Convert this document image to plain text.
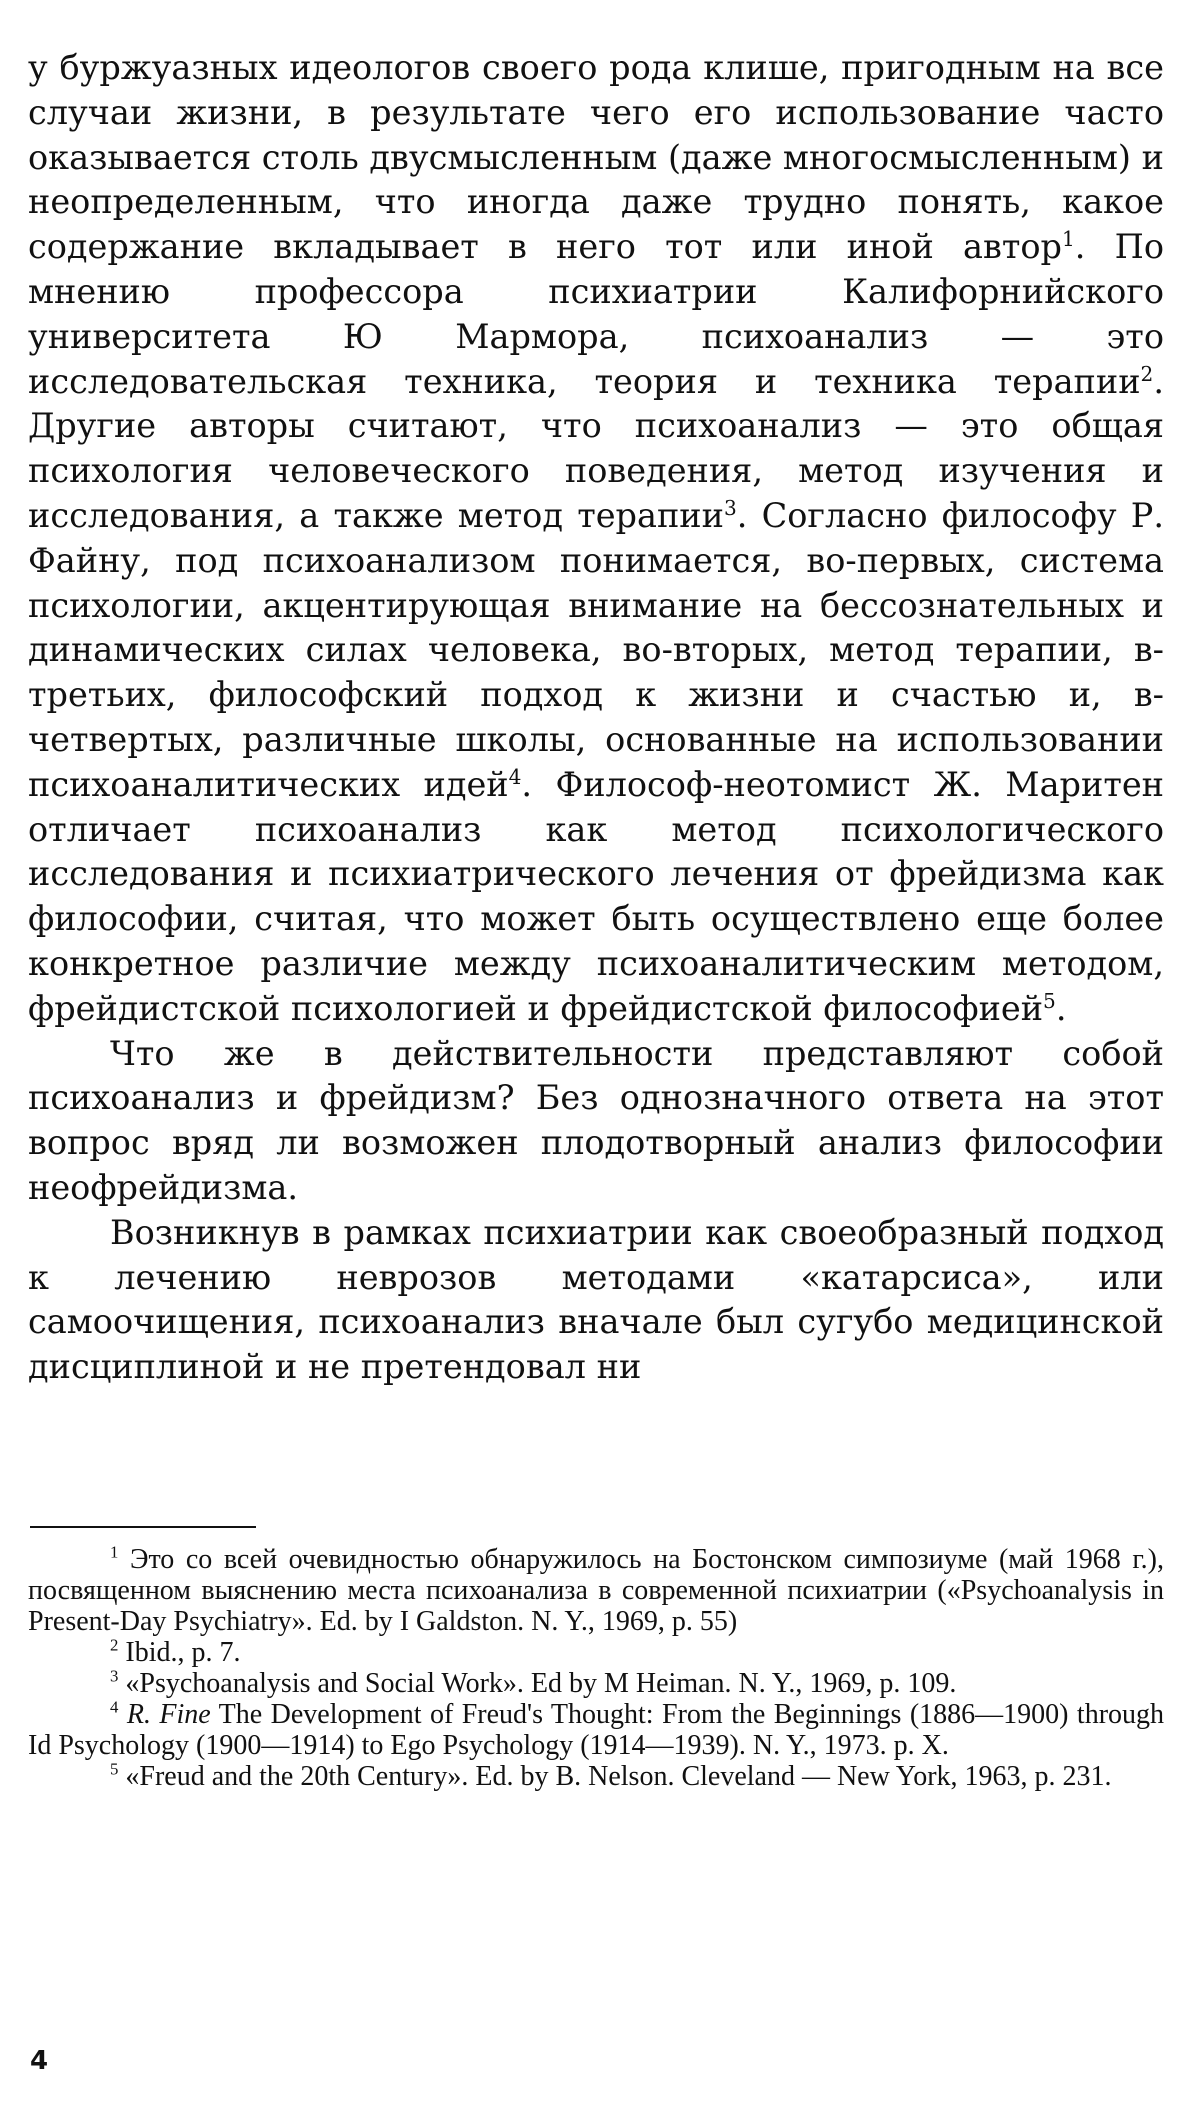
у буржуазных идеологов своего рода клише, пригодным на все случаи жизни, в результате чего его использование часто оказывается столь двусмысленным (даже многосмысленным) и неопределенным, что иногда даже трудно понять, какое содержание вкладывает в него тот или иной автор$^1$. По мнению профессора психиатрии Калифорнийского университета Ю Мармора, психоанализ — это исследовательская техника, теория и техника терапии$^2$. Другие авторы считают, что психоанализ — это общая психология человеческого поведения, метод изучения и исследования, а также метод терапии$^3$. Согласно философу Р. Файну, под психоанализом понимается, во-первых, система психологии, акцентирующая внимание на бессознательных и динамических силах человека, во-вторых, метод терапии, в-третьих, философский подход к жизни и счастью и, в-четвертых, различные школы, основанные на использовании психоаналитических идей$^4$. Философ-неотомист Ж. Маритен отличает психоанализ как метод психологического исследования и психиатрического лечения от фрейдизма как философии, считая, что может быть осуществлено еще более конкретное различие между психоаналитическим методом, фрейдистской психологией и фрейдистской философией$^5$.

Что же в действительности представляют собой психоанализ и фрейдизм? Без однозначного ответа на этот вопрос вряд ли возможен плодотворный анализ философии неофрейдизма.

Возникнув в рамках психиатрии как своеобразный подход к лечению неврозов методами «катарсиса», или самоочищения, психоанализ вначале был сугубо медицинской дисциплиной и не претендовал ни

$^1$ Это со всей очевидностью обнаружилось на Бостонском симпозиуме (май 1968 г.), посвященном выяснению места психоанализа в современной психиатрии («Psychoanalysis in Present-Day Psychiatry». Ed. by I Galdston. N. Y., 1969, p. 55)

$^2$ Ibid., p. 7.

$^3$ «Psychoanalysis and Social Work». Ed by M Heiman. N. Y., 1969, p. 109.

$^4$ R. Fine The Development of Freud's Thought: From the Beginnings (1886—1900) through Id Psychology (1900—1914) to Ego Psychology (1914—1939). N. Y., 1973. p. X.

$^5$ «Freud and the 20th Century». Ed. by B. Nelson. Cleveland — New York, 1963, p. 231.

4
